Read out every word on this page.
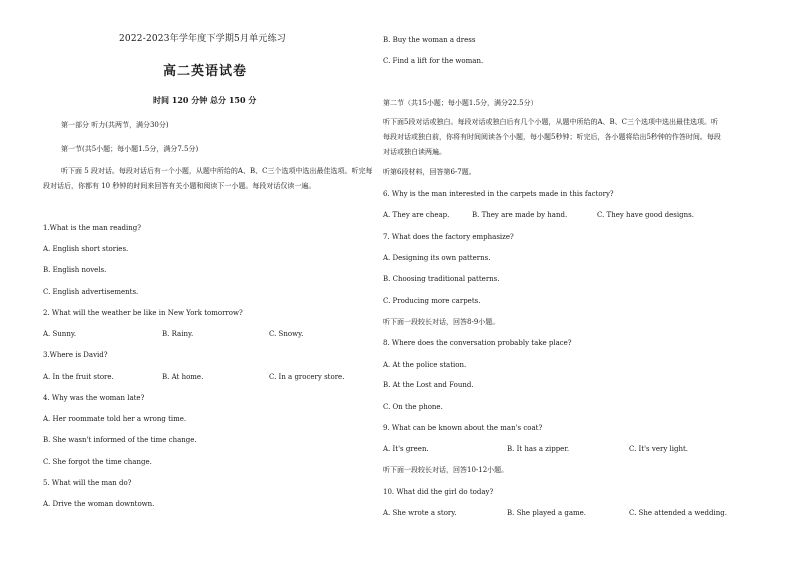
2022-2023年学年度下学期5月单元练习
高二英语试卷
时间 120 分钟 总分 150 分
第一部分 听力(共两节，满分30分)
第一节(共5小题；每小题1.5分，满分7.5分)
听下面 5 段对话。每段对话后有一个小题，从题中所给的A、B、C三个选项中选出最佳选项。听完每段对话后，你都有 10 秒钟的时间来回答有关小题和阅读下一小题。每段对话仅读一遍。
1.What is the man reading?
A. English short stories.
B. English novels.
C. English advertisements.
2. What will the weather be like in New York tomorrow?
A. Sunny.	B. Rainy.	C. Snowy.
3.Where is David?
A. In the fruit store.	B. At home.	C. In a grocery store.
4. Why was the woman late?
A. Her roommate told her a wrong time.
B. She wasn't informed of the time change.
C. She forgot the time change.
5. What will the man do?
A. Drive the woman downtown.
B. Buy the woman a dress
C. Find a lift for the woman.
第二节（共15小题；每小题1.5分，满分22.5分）
听下面5段对话或独白。每段对话或独白后有几个小题，从题中所给的A、B、C三个选项中选出最佳选项。听每段对话或独白前，你将有时间阅读各个小题，每小题5秒钟；听完后，各小题将给出5秒钟的作答时间。每段对话或独白读两遍。
听第6段材料，回答第6-7题。
6. Why is the man interested in the carpets made in this factory?
A. They are cheap.	B. They are made by hand.	C. They have good designs.
7. What does the factory emphasize?
A. Designing its own patterns.
B. Choosing traditional patterns.
C. Producing more carpets.
听下面一段较长对话，回答8-9小题。
8. Where does the conversation probably take place?
A. At the police station.
B. At the Lost and Found.
C. On the phone.
9. What can be known about the man's coat?
A. It's green.	B. It has a zipper.	C. It's very light.
听下面一段较长对话，回答10-12小题。
10. What did the girl do today?
A. She wrote a story.	B. She played a game.	C. She attended a wedding.
